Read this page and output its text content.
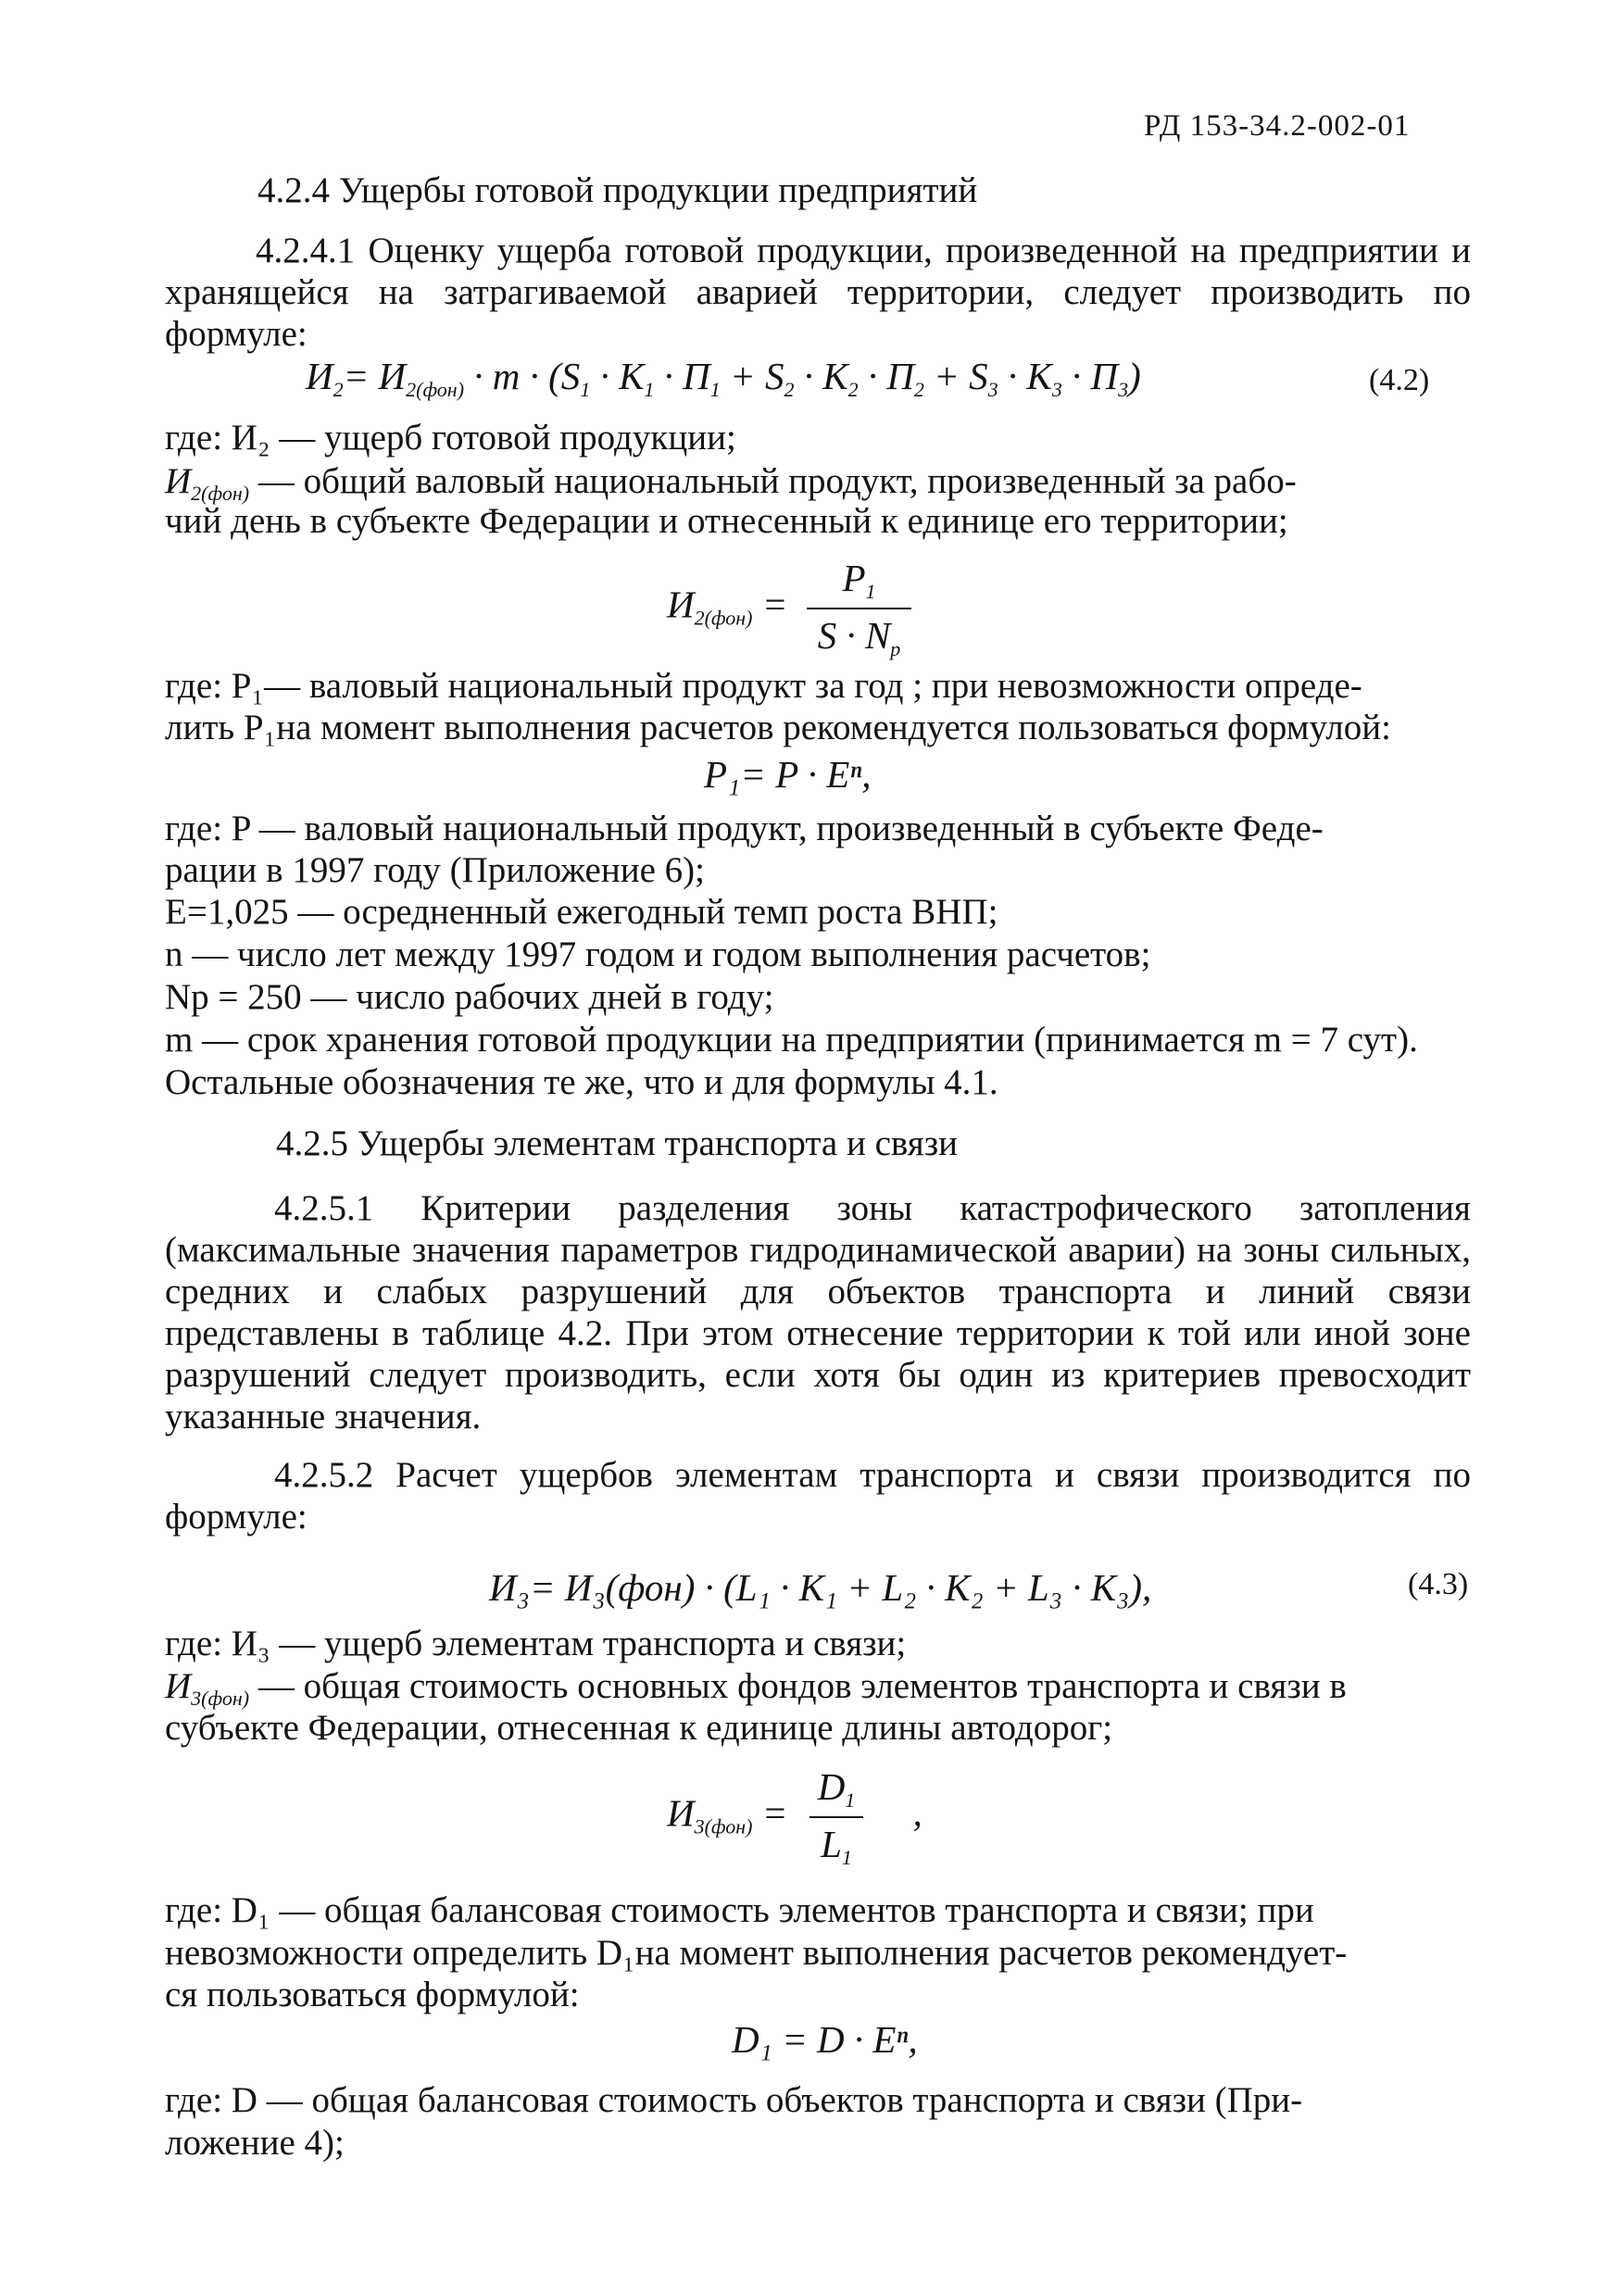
РД 153-34.2-002-01
4.2.4 Ущербы готовой продукции предприятий
4.2.4.1 Оценку ущерба готовой продукции, произведенной на предприятии и хранящейся на затрагиваемой аварией территории, следует производить по формуле:
$И_2= И_{2(фон)} \cdot m \cdot (S_1 \cdot K_1 \cdot П_1 + S_2 \cdot K_2 \cdot П_2 + S_3 \cdot K_3 \cdot П_3)$	(4.2)
где: И₂ — ущерб готовой продукции;
$И_{2(фон)}$ — общий валовый национальный продукт, произведенный за рабо-
чий день в субъекте Федерации и отнесенный к единице его территории;
$И_{2(фон)} = \frac{P_1}{S \cdot N_p}$
где: P₁— валовый национальный продукт за год ; при невозможности опреде-
лить P₁на момент выполнения расчетов рекомендуется пользоваться формулой:
P₁= P · Eⁿ,
где: P — валовый национальный продукт, произведенный в субъекте Феде-
рации в 1997 году (Приложение 6);
E=1,025 — осредненный ежегодный темп роста ВНП;
n — число лет между 1997 годом и годом выполнения расчетов;
Np = 250 — число рабочих дней в году;
m — срок хранения готовой продукции на предприятии (принимается m = 7 сут).
Остальные обозначения те же, что и для формулы 4.1.
4.2.5 Ущербы элементам транспорта и связи
4.2.5.1 Критерии разделения зоны катастрофического затопления (максимальные значения параметров гидродинамической аварии) на зоны сильных, средних и слабых разрушений для объектов транспорта и линий связи представлены в таблице 4.2. При этом отнесение территории к той или иной зоне разрушений следует производить, если хотя бы один из критериев превосходит указанные значения.
4.2.5.2 Расчет ущербов элементам транспорта и связи производится по формуле:
И₃= И₃(фон) · (L₁ · K₁ + L₂ · K₂ + L₃ · K₃),	(4.3)
где: И₃ — ущерб элементам транспорта и связи;
$И_{3(фон)}$ — общая стоимость основных фондов элементов транспорта и связи в
субъекте Федерации, отнесенная к единице длины автодорог;
$И_{3(фон)} = \frac{D_1}{L_1}$ ,
где: D₁ — общая балансовая стоимость элементов транспорта и связи; при
невозможности определить D₁на момент выполнения расчетов рекомендует-
ся пользоваться формулой:
D₁ = D · Eⁿ,
где: D — общая балансовая стоимость объектов транспорта и связи (При-
ложение 4);
